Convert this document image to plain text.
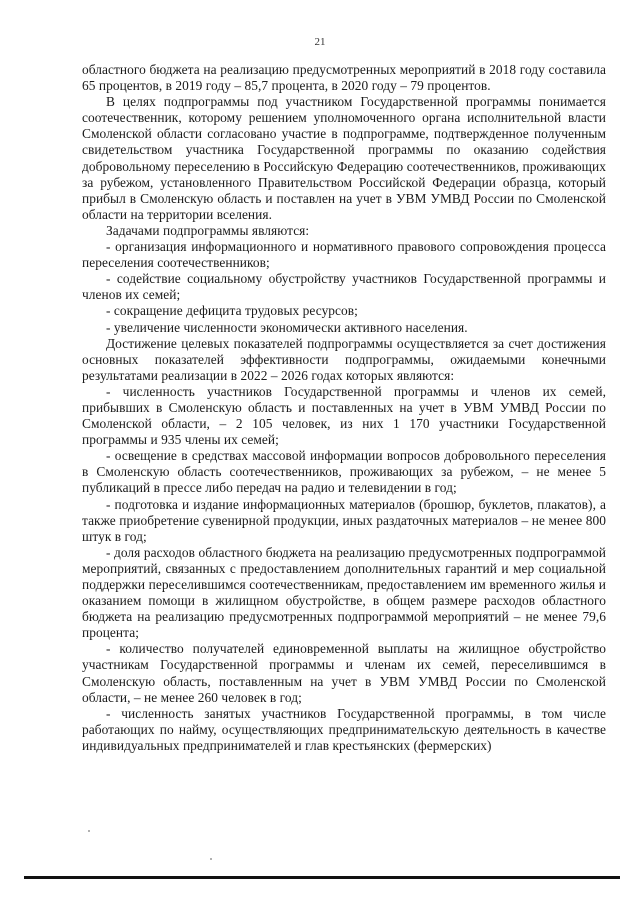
21

областного бюджета на реализацию предусмотренных мероприятий в 2018 году составила 65 процентов, в 2019 году – 85,7 процента, в 2020 году – 79 процентов.

В целях подпрограммы под участником Государственной программы понимается соотечественник, которому решением уполномоченного органа исполнительной власти Смоленской области согласовано участие в подпрограмме, подтвержденное полученным свидетельством участника Государственной программы по оказанию содействия добровольному переселению в Российскую Федерацию соотечественников, проживающих за рубежом, установленного Правительством Российской Федерации образца, который прибыл в Смоленскую область и поставлен на учет в УВМ УМВД России по Смоленской области на территории вселения.

Задачами подпрограммы являются:

- организация информационного и нормативного правового сопровождения процесса переселения соотечественников;

- содействие социальному обустройству участников Государственной программы и членов их семей;

- сокращение дефицита трудовых ресурсов;

- увеличение численности экономически активного населения.

Достижение целевых показателей подпрограммы осуществляется за счет достижения основных показателей эффективности подпрограммы, ожидаемыми конечными результатами реализации в 2022 – 2026 годах которых являются:

- численность участников Государственной программы и членов их семей, прибывших в Смоленскую область и поставленных на учет в УВМ УМВД России по Смоленской области, – 2 105 человек, из них 1 170 участники Государственной программы и 935 члены их семей;

- освещение в средствах массовой информации вопросов добровольного переселения в Смоленскую область соотечественников, проживающих за рубежом, – не менее 5 публикаций в прессе либо передач на радио и телевидении в год;

- подготовка и издание информационных материалов (брошюр, буклетов, плакатов), а также приобретение сувенирной продукции, иных раздаточных материалов – не менее 800 штук в год;

- доля расходов областного бюджета на реализацию предусмотренных подпрограммой мероприятий, связанных с предоставлением дополнительных гарантий и мер социальной поддержки переселившимся соотечественникам, предоставлением им временного жилья и оказанием помощи в жилищном обустройстве, в общем размере расходов областного бюджета на реализацию предусмотренных подпрограммой мероприятий – не менее 79,6 процента;

- количество получателей единовременной выплаты на жилищное обустройство участникам Государственной программы и членам их семей, переселившимся в Смоленскую область, поставленным на учет в УВМ УМВД России по Смоленской области, – не менее 260 человек в год;

- численность занятых участников Государственной программы, в том числе работающих по найму, осуществляющих предпринимательскую деятельность в качестве индивидуальных предпринимателей и глав крестьянских (фермерских)
